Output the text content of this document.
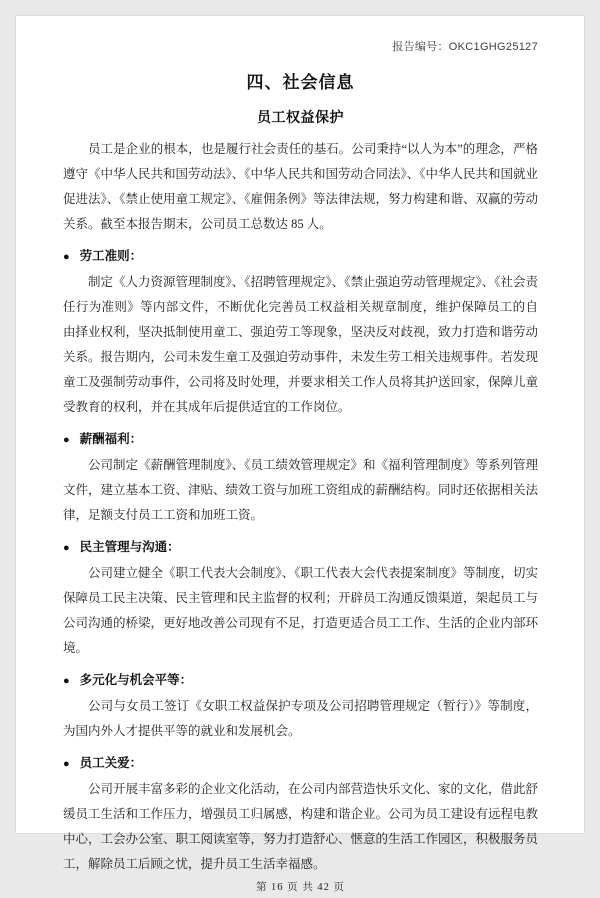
报告编号：OKC1GHG25127

四、社会信息
员工权益保护

员工是企业的根本，也是履行社会责任的基石。公司秉持“以人为本”的理念，严格遵守《中华人民共和国劳动法》、《中华人民共和国劳动合同法》、《中华人民共和国就业促进法》、《禁止使用童工规定》、《雇佣条例》等法律法规，努力构建和谐、双赢的劳动关系。截至本报告期末，公司员工总数达 85 人。

● 劳工准则：

制定《人力资源管理制度》、《招聘管理规定》、《禁止强迫劳动管理规定》、《社会责任行为准则》等内部文件，不断优化完善员工权益相关规章制度，维护保障员工的自 由择业权利，坚决抵制使用童工、强迫劳工等现象，坚决反对歧视，致力打造和谐劳动关系。报告期内，公司未发生童工及强迫劳动事件，未发生劳工相关违规事件。若发现童工及强制劳动事件，公司将及时处理，并要求相关工作人员将其护送回家，保障儿童受教育的权利，并在其成年后提供适宜的工作岗位。

● 薪酬福利：

公司制定《薪酬管理制度》、《员工绩效管理规定》和《福利管理制度》等系列管理文件，建立基本工资、津贴、绩效工资与加班工资组成的薪酬结构。同时还依据相关法律，足额支付员工工资和加班工资。

● 民主管理与沟通：

公司建立健全《职工代表大会制度》、《职工代表大会代表提案制度》等制度，切实保障员工民主决策、民主管理和民主监督的权利；开辟员工沟通反馈渠道，架起员工与公司沟通的桥梁，更好地改善公司现有不足，打造更适合员工工作、生活的企业内部环境。

● 多元化与机会平等：

公司与女员工签订《女职工权益保护专项及公司招聘管理规定（暂行）》等制度，为国内外人才提供平等的就业和发展机会。

● 员工关爱：

公司开展丰富多彩的企业文化活动，在公司内部营造快乐文化、家的文化，借此舒缓员工生活和工作压力，增强员工归属感，构建和谐企业。公司为员工建设有远程电教中心，工会办公室、职工阅读室等，努力打造舒心、惬意的生活工作园区，积极服务员工，解除员工后顾之忧，提升员工生活幸福感。

第 16 页 共 42 页
